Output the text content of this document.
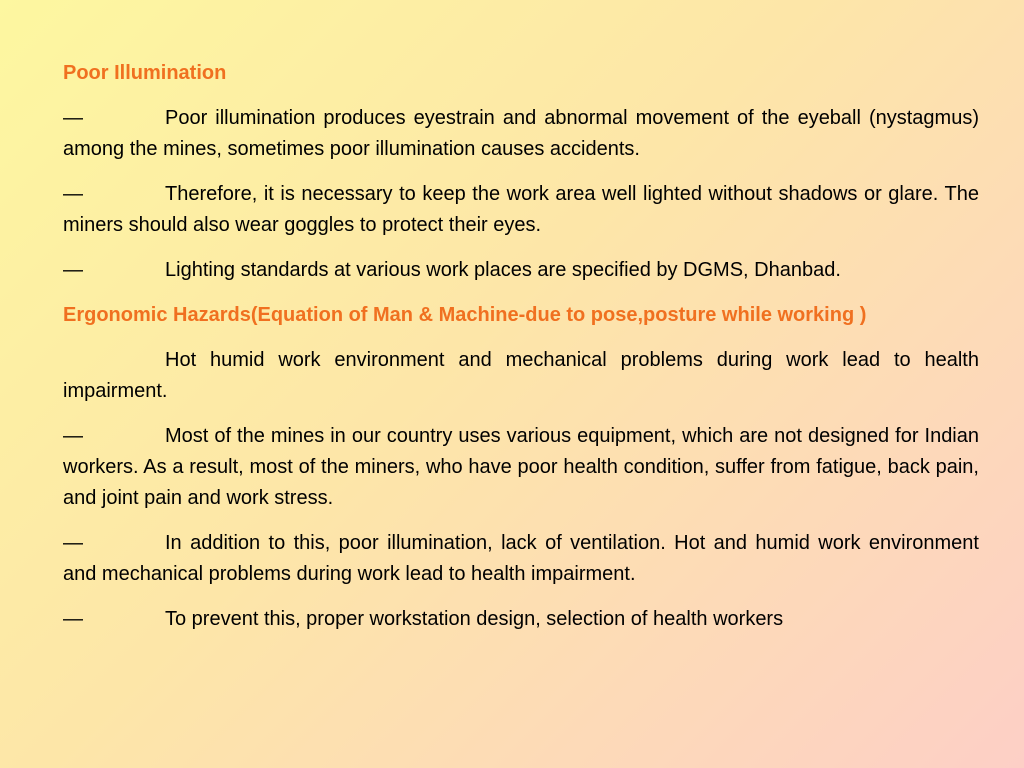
Poor Illumination
—	Poor illumination produces eyestrain and abnormal movement of the eyeball (nystagmus) among the mines, sometimes poor illumination causes accidents.
—	Therefore, it is necessary to keep the work area well lighted without shadows or glare. The miners should also wear goggles to protect their eyes.
—	Lighting standards at various work places are specified by DGMS, Dhanbad.
Ergonomic Hazards(Equation of Man & Machine-due to pose,posture while working )
Hot humid work environment and mechanical problems during work lead to health impairment.
—	Most of the mines in our country uses various equipment, which are not designed for Indian workers. As a result, most of the miners, who have poor health condition, suffer from fatigue, back pain, and joint pain and work stress.
—	In addition to this, poor illumination, lack of ventilation. Hot and humid work environment and mechanical problems during work lead to health impairment.
—	To prevent this, proper workstation design, selection of health workers
